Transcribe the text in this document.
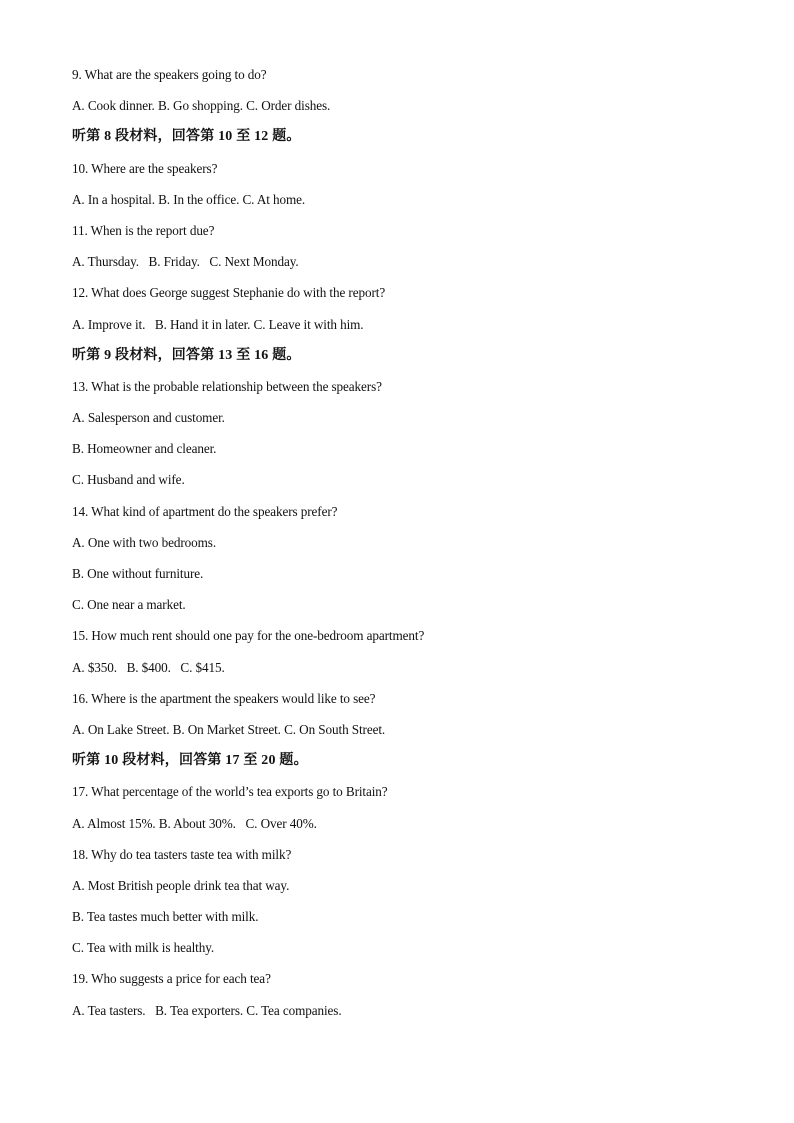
9. What are the speakers going to do?
A. Cook dinner. B. Go shopping. C. Order dishes.
听第 8 段材料，回答第 10 至 12 题。
10. Where are the speakers?
A. In a hospital. B. In the office. C. At home.
11. When is the report due?
A. Thursday.   B. Friday.   C. Next Monday.
12. What does George suggest Stephanie do with the report?
A. Improve it.   B. Hand it in later. C. Leave it with him.
听第 9 段材料，回答第 13 至 16 题。
13. What is the probable relationship between the speakers?
A. Salesperson and customer.
B. Homeowner and cleaner.
C. Husband and wife.
14. What kind of apartment do the speakers prefer?
A. One with two bedrooms.
B. One without furniture.
C. One near a market.
15. How much rent should one pay for the one-bedroom apartment?
A. $350.   B. $400.   C. $415.
16. Where is the apartment the speakers would like to see?
A. On Lake Street. B. On Market Street. C. On South Street.
听第 10 段材料，回答第 17 至 20 题。
17. What percentage of the world’s tea exports go to Britain?
A. Almost 15%. B. About 30%.   C. Over 40%.
18. Why do tea tasters taste tea with milk?
A. Most British people drink tea that way.
B. Tea tastes much better with milk.
C. Tea with milk is healthy.
19. Who suggests a price for each tea?
A. Tea tasters.   B. Tea exporters. C. Tea companies.
